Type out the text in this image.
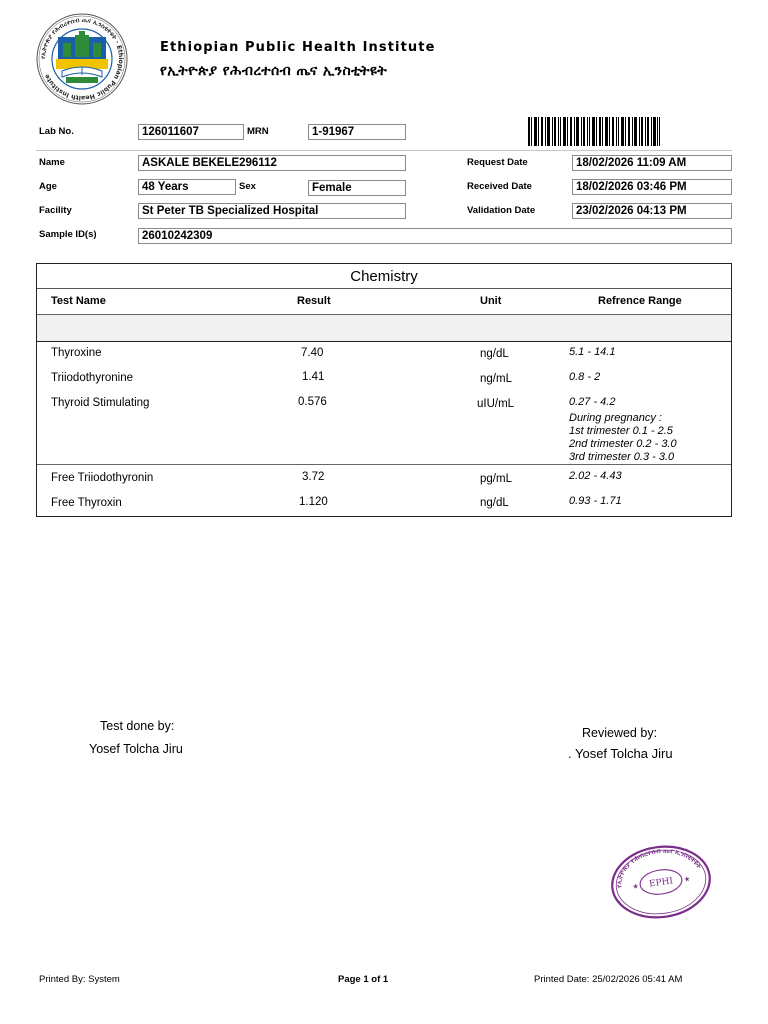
የኢትዮጵያ የሕብረተሰብ ጤና ኢንስቲትዩት · Ethiopian Public Health Institute
Ethiopian Public Health Institute
የኢትዮጵያ የሕብረተሰብ ጤና ኢንስቲትዩት
Lab No.	126011607	MRN	1-91967
Name	ASKALE BEKELE296112	Request Date	18/02/2026 11:09 AM
Age	48 Years	Sex	Female	Received Date	18/02/2026 03:46 PM
Facility	St Peter TB Specialized Hospital	Validation Date	23/02/2026 04:13 PM
Sample ID(s)	26010242309
Chemistry
Test Name	Result	Unit	Refrence Range
Thyroxine	7.40	ng/dL	5.1 - 14.1
Triiodothyronine	1.41	ng/mL	0.8 - 2
Thyroid Stimulating	0.576	uIU/mL	0.27 - 4.2
During pregnancy :
1st trimester 0.1 - 2.5
2nd trimester 0.2 - 3.0
3rd trimester 0.3 - 3.0
Free Triiodothyronin	3.72	pg/mL	2.02 - 4.43
Free Thyroxin	1.120	ng/dL	0.93 - 1.71
Test done by:
Yosef Tolcha Jiru
Reviewed by:
. Yosef Tolcha Jiru
የኢትዮጵያ የሕብረተሰብ ጤና ኢንስቲትዩት
EPHI
★
★
Printed By: System	Page 1 of 1	Printed Date: 25/02/2026 05:41 AM
